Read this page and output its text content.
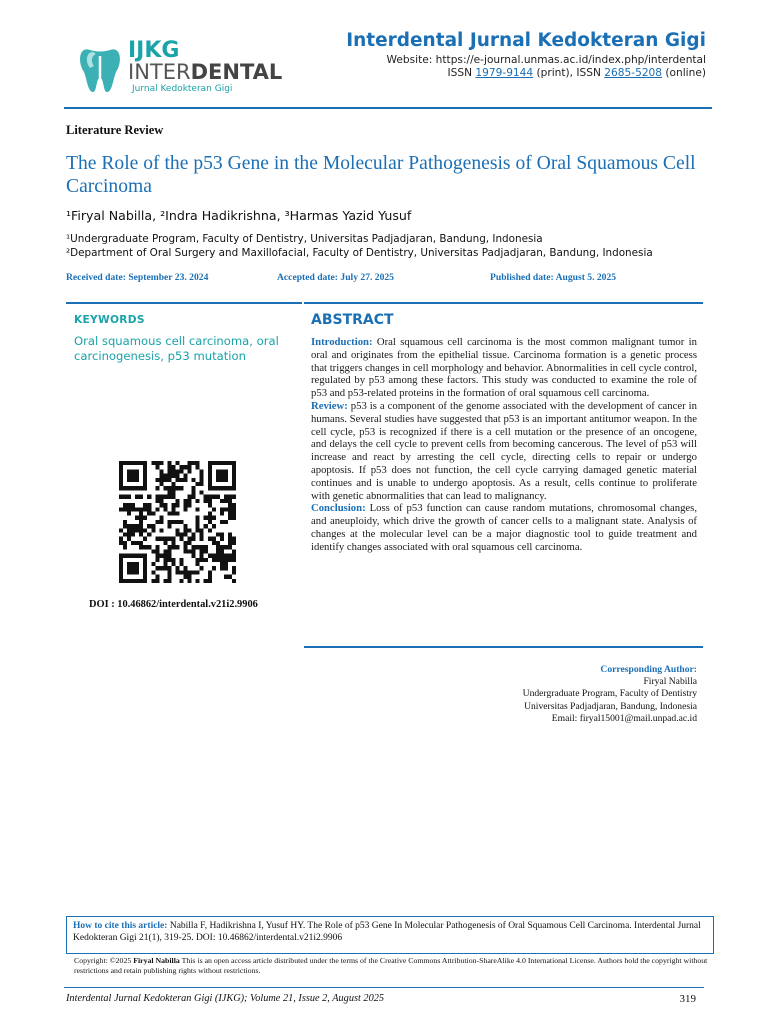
IJKG
INTERDENTAL
Jurnal Kedokteran Gigi
Interdental Jurnal Kedokteran Gigi
Website: https://e-journal.unmas.ac.id/index.php/interdental
ISSN 1979-9144 (print), ISSN 2685-5208 (online)
Literature Review
The Role of the p53 Gene in the Molecular Pathogenesis of Oral Squamous Cell Carcinoma
¹Firyal Nabilla, ²Indra Hadikrishna, ³Harmas Yazid Yusuf
¹Undergraduate Program, Faculty of Dentistry, Universitas Padjadjaran, Bandung, Indonesia
²Department of Oral Surgery and Maxillofacial, Faculty of Dentistry, Universitas Padjadjaran, Bandung, Indonesia
Received date: September 23. 2024	Accepted date: July 27. 2025	Published date: August 5. 2025
KEYWORDS
Oral squamous cell carcinoma, oral carcinogenesis, p53 mutation
DOI : 10.46862/interdental.v21i2.9906
ABSTRACT

Introduction: Oral squamous cell carcinoma is the most common malignant tumor in oral and originates from the epithelial tissue. Carcinoma formation is a genetic process that triggers changes in cell morphology and behavior. Abnormalities in cell cycle control, regulated by p53 among these factors. This study was conducted to examine the role of p53 and p53-related proteins in the formation of oral squamous cell carcinoma.

Review: p53 is a component of the genome associated with the development of cancer in humans. Several studies have suggested that p53 is an important antitumor weapon. In the cell cycle, p53 is recognized if there is a cell mutation or the presence of an oncogene, and delays the cell cycle to prevent cells from becoming cancerous. The level of p53 will increase and react by arresting the cell cycle, directing cells to repair or undergo apoptosis. If p53 does not function, the cell cycle carrying damaged genetic material continues and is unable to undergo apoptosis. As a result, cells continue to proliferate with genetic abnormalities that can lead to malignancy.

Conclusion: Loss of p53 function can cause random mutations, chromosomal changes, and aneuploidy, which drive the growth of cancer cells to a malignant state. Analysis of changes at the molecular level can be a major diagnostic tool to guide treatment and identify changes associated with oral squamous cell carcinoma.

Corresponding Author:
Firyal Nabilla
Undergraduate Program, Faculty of Dentistry
Universitas Padjadjaran, Bandung, Indonesia
Email: firyal15001@mail.unpad.ac.id
How to cite this article: Nabilla F, Hadikrishna I, Yusuf HY. The Role of p53 Gene In Molecular Pathogenesis of Oral Squamous Cell Carcinoma. Interdental Jurnal Kedokteran Gigi 21(1), 319-25. DOI: 10.46862/interdental.v21i2.9906
Copyright: ©2025 Firyal Nabilla This is an open access article distributed under the terms of the Creative Commons Attribution-ShareAlike 4.0 International License. Authors hold the copyright without restrictions and retain publishing rights without restrictions.
Interdental Jurnal Kedokteran Gigi (IJKG); Volume 21, Issue 2, August 2025	319
